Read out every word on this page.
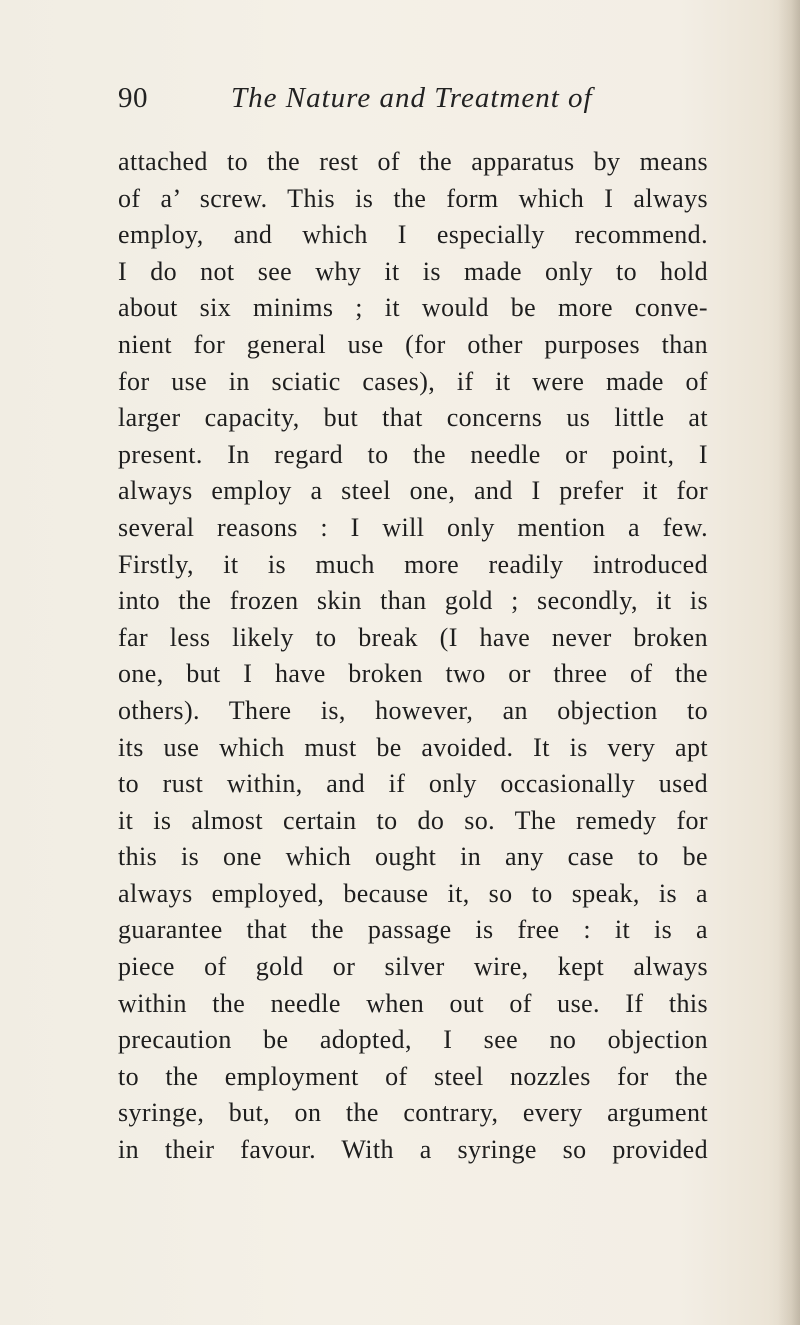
90	The Nature and Treatment of
attached to the rest of the apparatus by means
of a’ screw. This is the form which I always
employ, and which I especially recommend.
I do not see why it is made only to hold
about six minims ; it would be more conve-
nient for general use (for other purposes than
for use in sciatic cases), if it were made of
larger capacity, but that concerns us little at
present. In regard to the needle or point, I
always employ a steel one, and I prefer it for
several reasons : I will only mention a few.
Firstly, it is much more readily introduced
into the frozen skin than gold ; secondly, it is
far less likely to break (I have never broken
one, but I have broken two or three of the
others). There is, however, an objection to
its use which must be avoided. It is very apt
to rust within, and if only occasionally used
it is almost certain to do so. The remedy for
this is one which ought in any case to be
always employed, because it, so to speak, is a
guarantee that the passage is free : it is a
piece of gold or silver wire, kept always
within the needle when out of use. If this
precaution be adopted, I see no objection
to the employment of steel nozzles for the
syringe, but, on the contrary, every argument
in their favour. With a syringe so provided
